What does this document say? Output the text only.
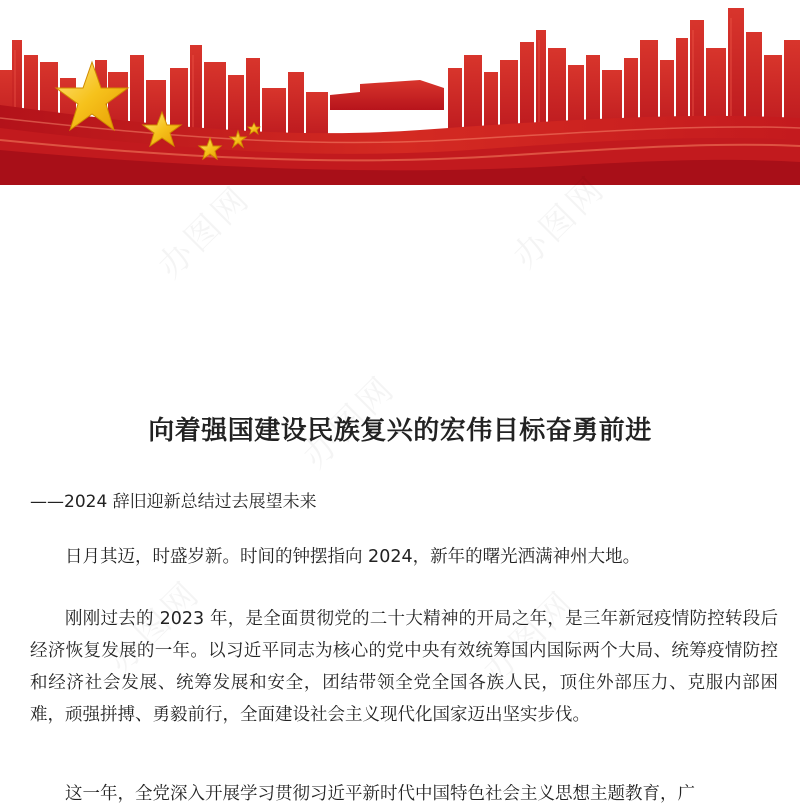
向着强国建设民族复兴的宏伟目标奋勇前进

——2024 辞旧迎新总结过去展望未来

日月其迈，时盛岁新。时间的钟摆指向 2024，新年的曙光洒满神州大地。

刚刚过去的 2023 年，是全面贯彻党的二十大精神的开局之年，是三年新冠疫情防控转段后经济恢复发展的一年。以习近平同志为核心的党中央有效统筹国内国际两个大局、统筹疫情防控和经济社会发展、统筹发展和安全，团结带领全党全国各族人民，顶住外部压力、克服内部困难，顽强拼搏、勇毅前行，全面建设社会主义现代化国家迈出坚实步伐。

这一年，全党深入开展学习贯彻习近平新时代中国特色社会主义思想主题教育，广
